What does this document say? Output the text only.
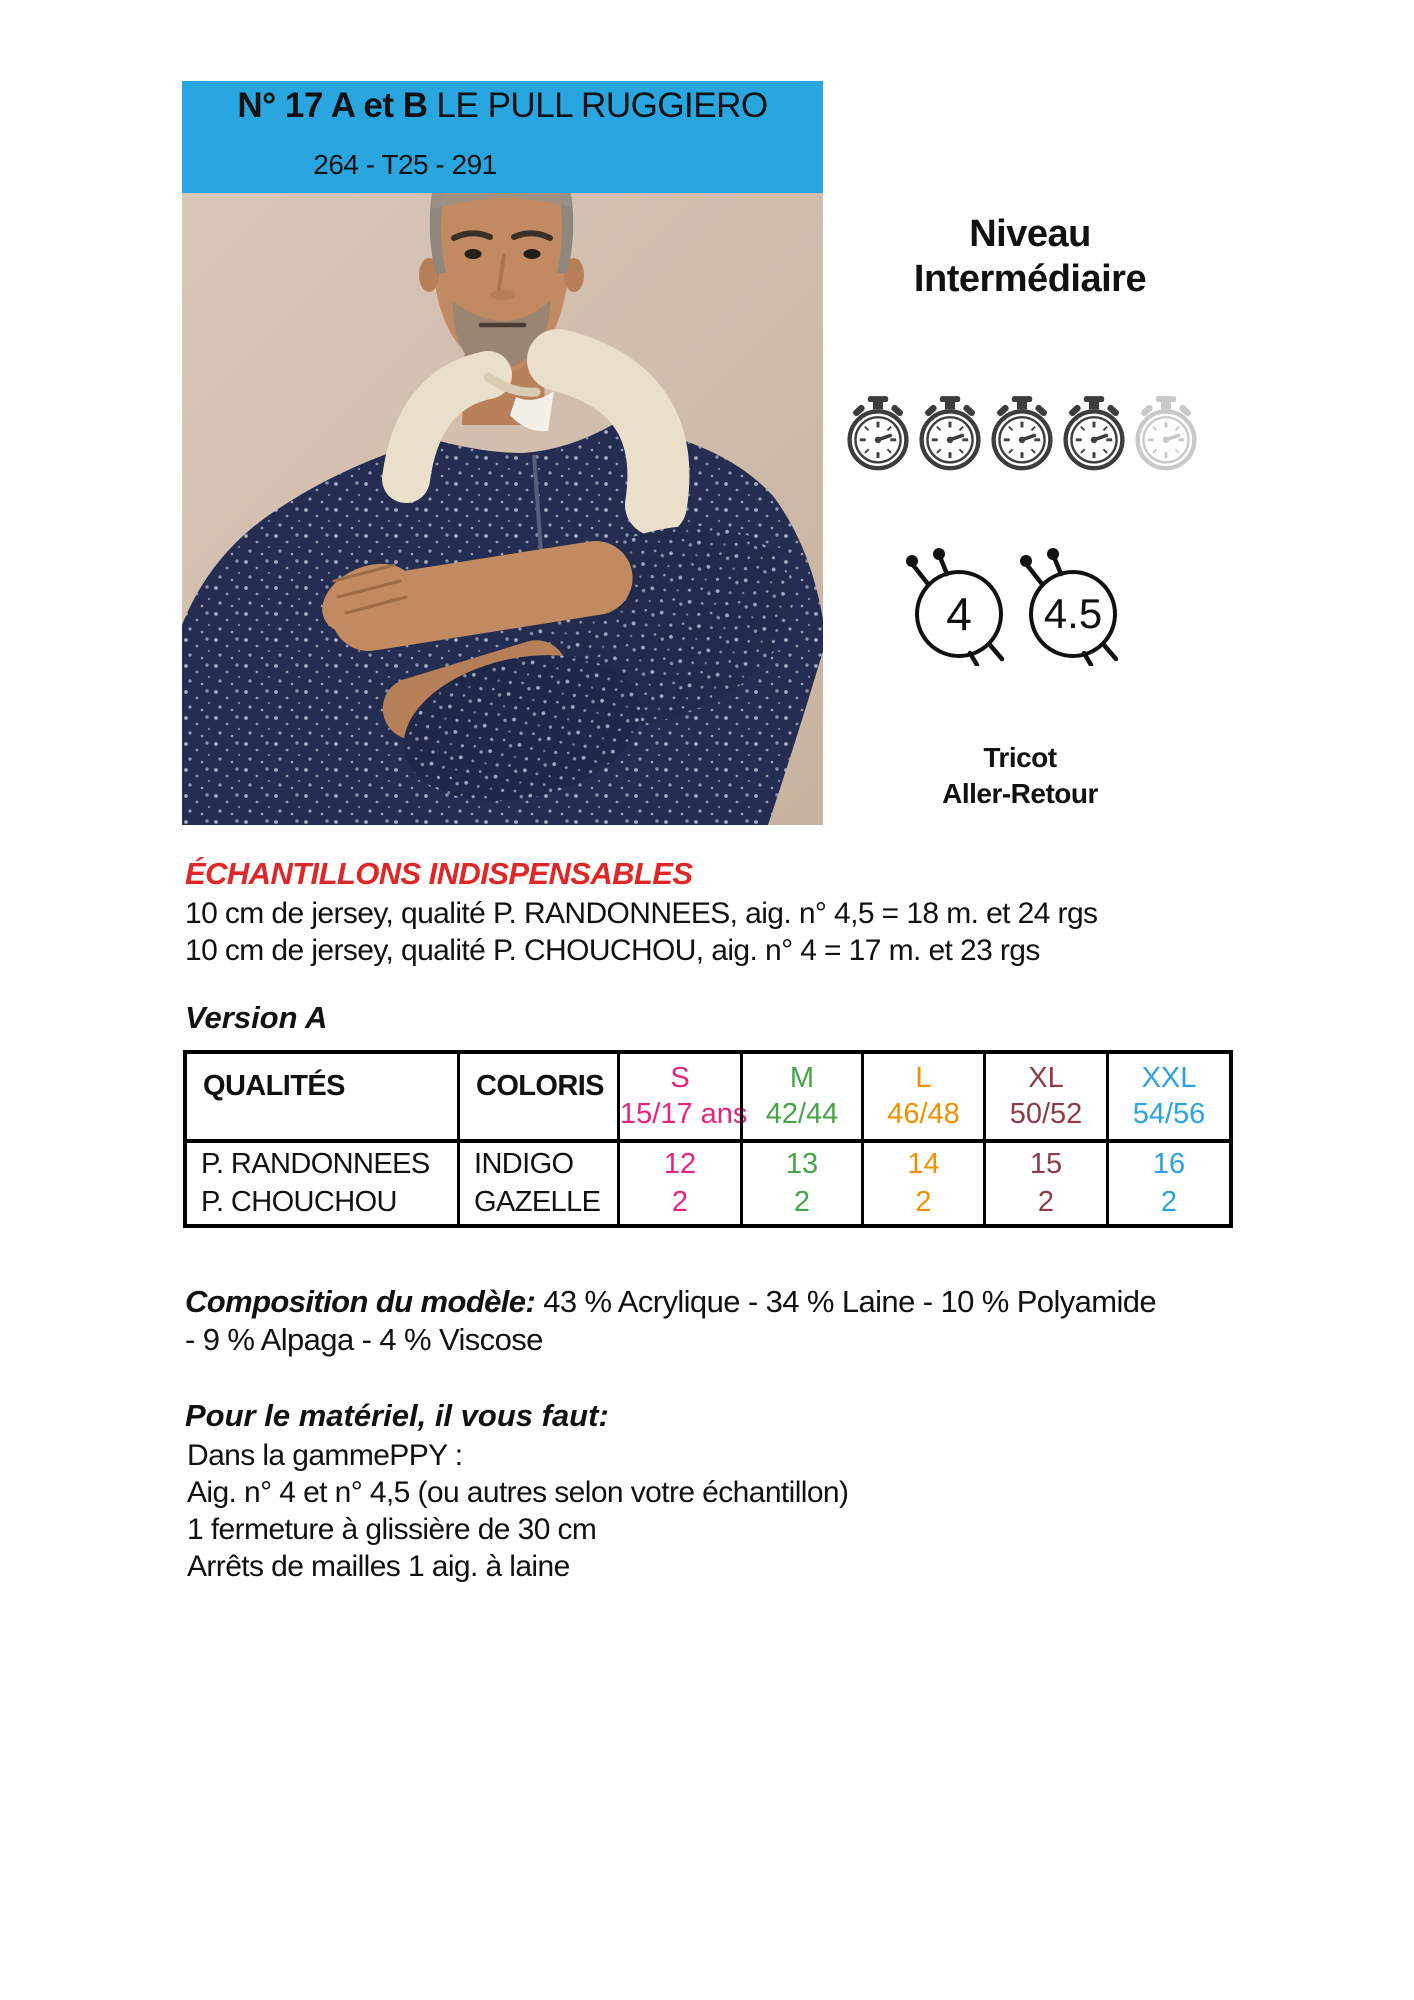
N° 17 A et B LE PULL RUGGIERO
264 - T25 - 291
Niveau
Intermédiaire
4 4.5
Tricot
Aller-Retour
ÉCHANTILLONS INDISPENSABLES
10 cm de jersey, qualité P. RANDONNEES, aig. n° 4,5 = 18 m. et 24 rgs
10 cm de jersey, qualité P. CHOUCHOU, aig. n° 4 = 17 m. et 23 rgs
Version A
QUALITÉS	COLORIS	S
15/17 ans
M
42/44
L
46/48
XL
50/52
XXL
54/56
P. RANDONNEES
P. CHOUCHOU
INDIGO
GAZELLE
12
2
13
2
14
2
15
2
16
2
Composition du modèle: 43 % Acrylique - 34 % Laine - 10 % Polyamide
- 9 % Alpaga - 4 % Viscose
Pour le matériel, il vous faut:
Dans la gammePPY :
Aig. n° 4 et n° 4,5 (ou autres selon votre échantillon)
1 fermeture à glissière de 30 cm
Arrêts de mailles 1 aig. à laine
